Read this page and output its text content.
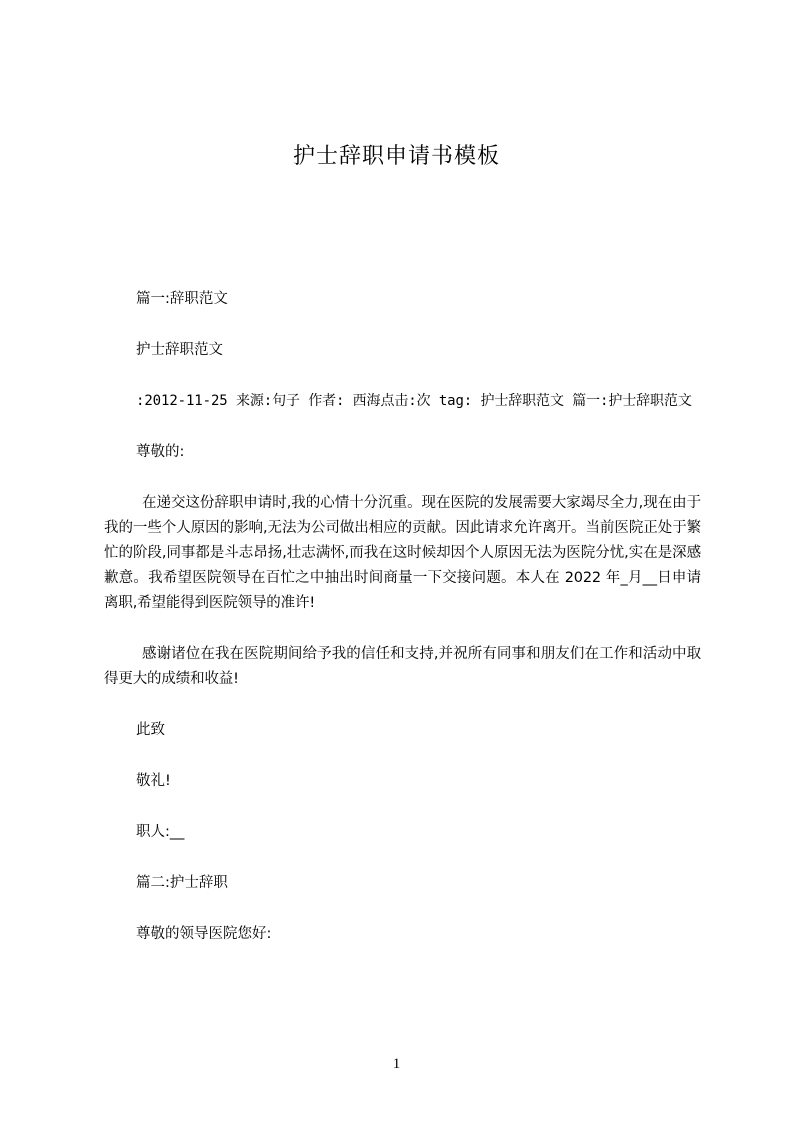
护士辞职申请书模板

篇一:辞职范文

护士辞职范文

:2012-11-25 来源:句子 作者: 西海点击:次 tag: 护士辞职范文 篇一:护士辞职范文

尊敬的:

在递交这份辞职申请时,我的心情十分沉重。现在医院的发展需要大家竭尽全力,现在由于我的一些个人原因的影响,无法为公司做出相应的贡献。因此请求允许离开。当前医院正处于繁忙的阶段,同事都是斗志昂扬,壮志满怀,而我在这时候却因个人原因无法为医院分忧,实在是深感歉意。我希望医院领导在百忙之中抽出时间商量一下交接问题。本人在 2022 年_月__日申请离职,希望能得到医院领导的准许!

感谢诸位在我在医院期间给予我的信任和支持,并祝所有同事和朋友们在工作和活动中取得更大的成绩和收益!

此致

敬礼!

职人:__

篇二:护士辞职

尊敬的领导医院您好:

1
